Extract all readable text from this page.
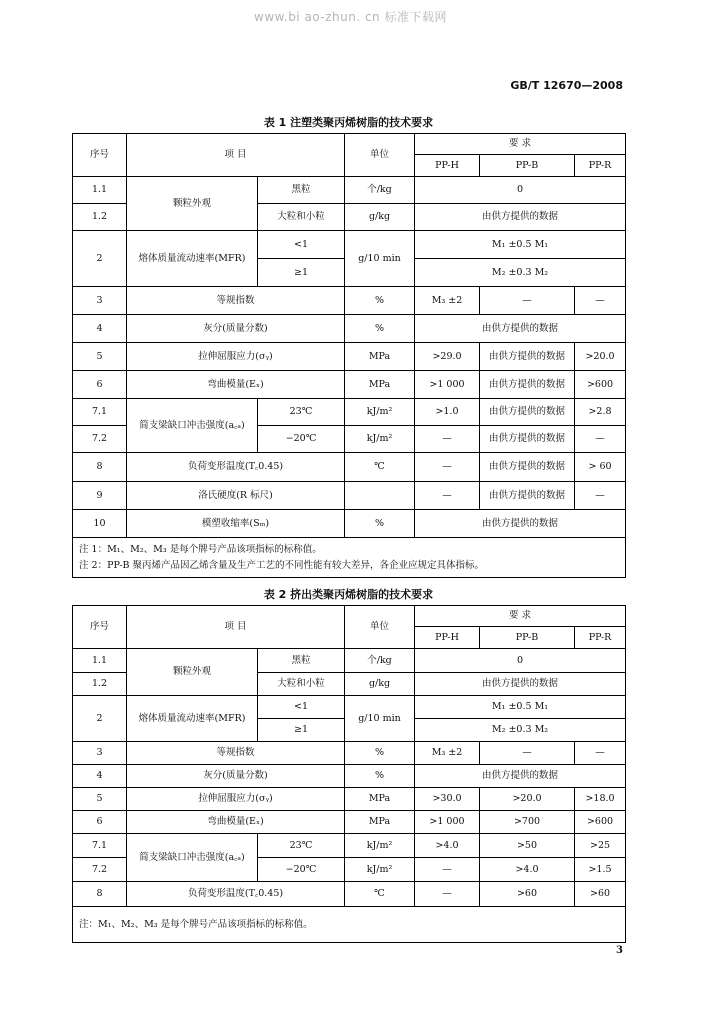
www.bi ao-zhun. cn 标准下载网
GB/T 12670—2008
表 1 注塑类聚丙烯树脂的技术要求
序号	项 目		单位	要 求		
				PP-H	PP-B	PP-R
1.1	颗粒外观	黑粒	个/kg	0		
1.2		大粒和小粒	g/kg	由供方提供的数据		
2	熔体质量流动速率(MFR)	<1	g/10 min	M₁ ±0.5 M₁		
		≥1		M₂ ±0.3 M₂		
3	等规指数		%	M₃ ±2	—	—
4	灰分(质量分数)		%	由供方提供的数据		
5	拉伸屈服应力(σᵧ)		MPa	>29.0	由供方提供的数据	>20.0
6	弯曲模量(Eₓ)		MPa	>1 000	由供方提供的数据	>600
7.1	简支梁缺口冲击强度(a꜀ₐ)	23℃	kJ/m²	>1.0	由供方提供的数据	>2.8
7.2		−20℃	kJ/m²	—	由供方提供的数据	—
8	负荷变形温度(T꜀0.45)		℃	—	由供方提供的数据	> 60
9	洛氏硬度(R 标尺)			—	由供方提供的数据	—
10	模塑收缩率(Sₘ)		%	由供方提供的数据		

注 1：M₁、M₂、M₃ 是每个牌号产品该项指标的标称值。
注 2：PP-B 聚丙烯产品因乙烯含量及生产工艺的不同性能有较大差异，各企业应规定具体指标。						
表 2 挤出类聚丙烯树脂的技术要求
序号	项 目		单位	要 求		
				PP-H	PP-B	PP-R
1.1	颗粒外观	黑粒	个/kg	0		
1.2		大粒和小粒	g/kg	由供方提供的数据		
2	熔体质量流动速率(MFR)	<1	g/10 min	M₁ ±0.5 M₁		
		≥1		M₂ ±0.3 M₂		
3	等规指数		%	M₃ ±2	—	—
4	灰分(质量分数)		%	由供方提供的数据		
5	拉伸屈服应力(σᵧ)		MPa	>30.0	>20.0	>18.0
6	弯曲模量(Eₓ)		MPa	>1 000	>700	>600
7.1	简支梁缺口冲击强度(a꜀ₐ)	23℃	kJ/m²	>4.0	>50	>25
7.2		−20℃	kJ/m²	—	>4.0	>1.5
8	负荷变形温度(T꜀0.45)		℃	—	>60	>60

注：M₁、M₂、M₃ 是每个牌号产品该项指标的标称值。						
3
